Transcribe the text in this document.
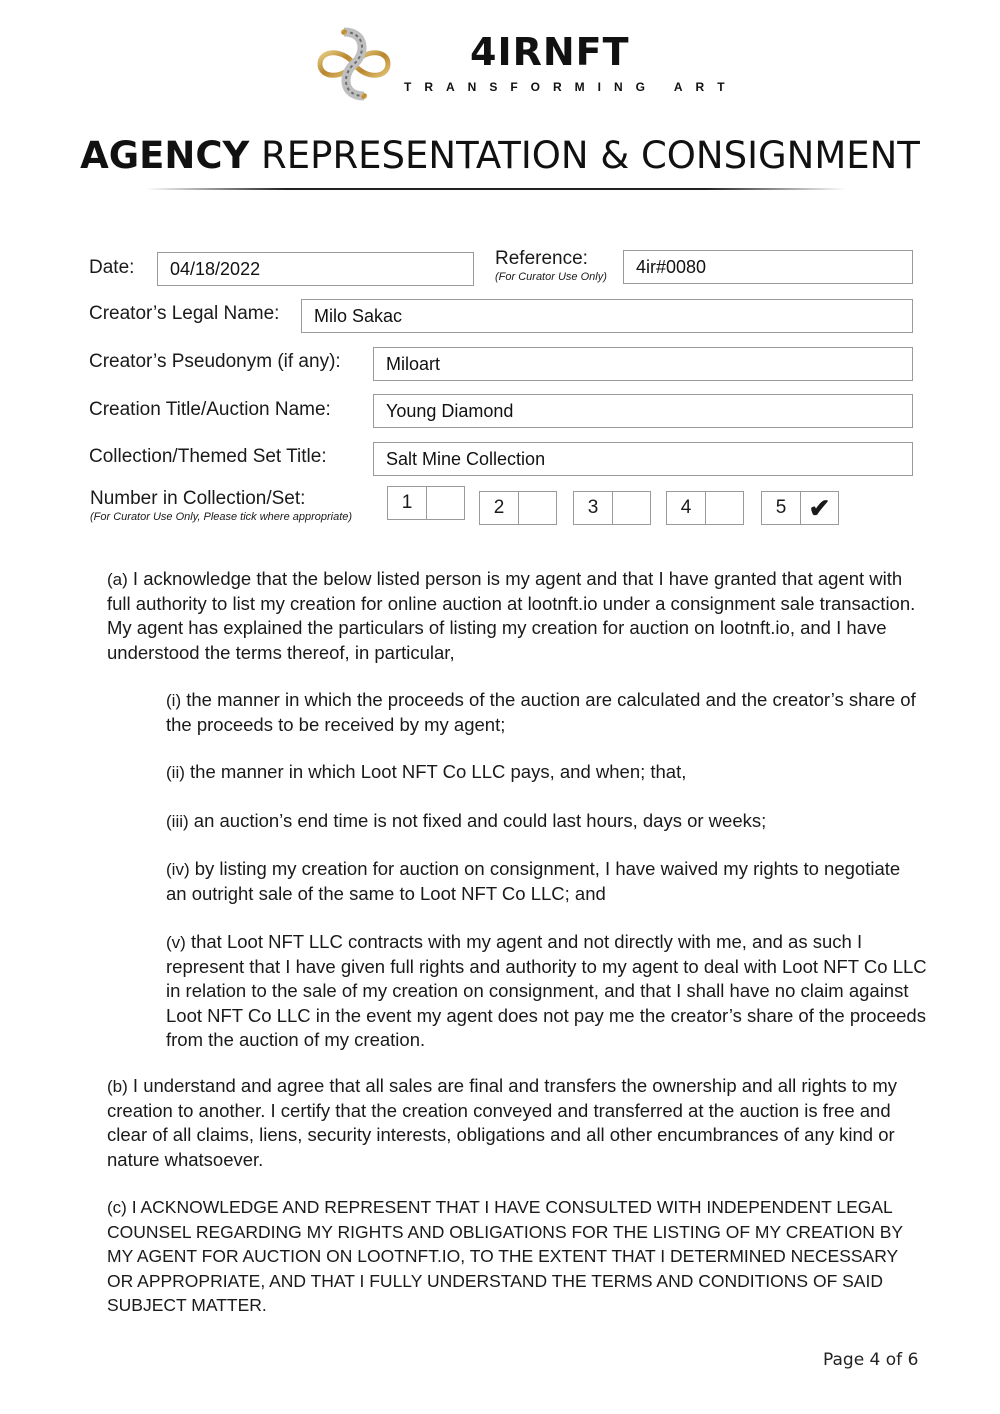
4IRNFT
TRANSFORMING ART
AGENCY REPRESENTATION & CONSIGNMENT
Date:	04/18/2022	Reference:
(For Curator Use Only)
4ir#0080
Creator’s Legal Name:	Milo Sakac
Creator’s Pseudonym (if any):	Miloart
Creation Title/Auction Name:	Young Diamond
Collection/Themed Set Title:	Salt Mine Collection
Number in Collection/Set:
(For Curator Use Only, Please tick where appropriate)
1	2	3	4	5 ✔
(a) I acknowledge that the below listed person is my agent and that I have granted that agent with full authority to list my creation for online auction at lootnft.io under a consignment sale transaction. My agent has explained the particulars of listing my creation for auction on lootnft.io, and I have understood the terms thereof, in particular,
(i) the manner in which the proceeds of the auction are calculated and the creator’s share of the proceeds to be received by my agent;
(ii) the manner in which Loot NFT Co LLC pays, and when; that,
(iii) an auction’s end time is not fixed and could last hours, days or weeks;
(iv) by listing my creation for auction on consignment, I have waived my rights to negotiate an outright sale of the same to Loot NFT Co LLC; and
(v) that Loot NFT LLC contracts with my agent and not directly with me, and as such I represent that I have given full rights and authority to my agent to deal with Loot NFT Co LLC in relation to the sale of my creation on consignment, and that I shall have no claim against Loot NFT Co LLC in the event my agent does not pay me the creator’s share of the proceeds from the auction of my creation.
(b) I understand and agree that all sales are final and transfers the ownership and all rights to my creation to another. I certify that the creation conveyed and transferred at the auction is free and clear of all claims, liens, security interests, obligations and all other encumbrances of any kind or nature whatsoever.
(c) I ACKNOWLEDGE AND REPRESENT THAT I HAVE CONSULTED WITH INDEPENDENT LEGAL COUNSEL REGARDING MY RIGHTS AND OBLIGATIONS FOR THE LISTING OF MY CREATION BY MY AGENT FOR AUCTION ON LOOTNFT.IO, TO THE EXTENT THAT I DETERMINED NECESSARY OR APPROPRIATE, AND THAT I FULLY UNDERSTAND THE TERMS AND CONDITIONS OF SAID SUBJECT MATTER.
Page 4 of 6
